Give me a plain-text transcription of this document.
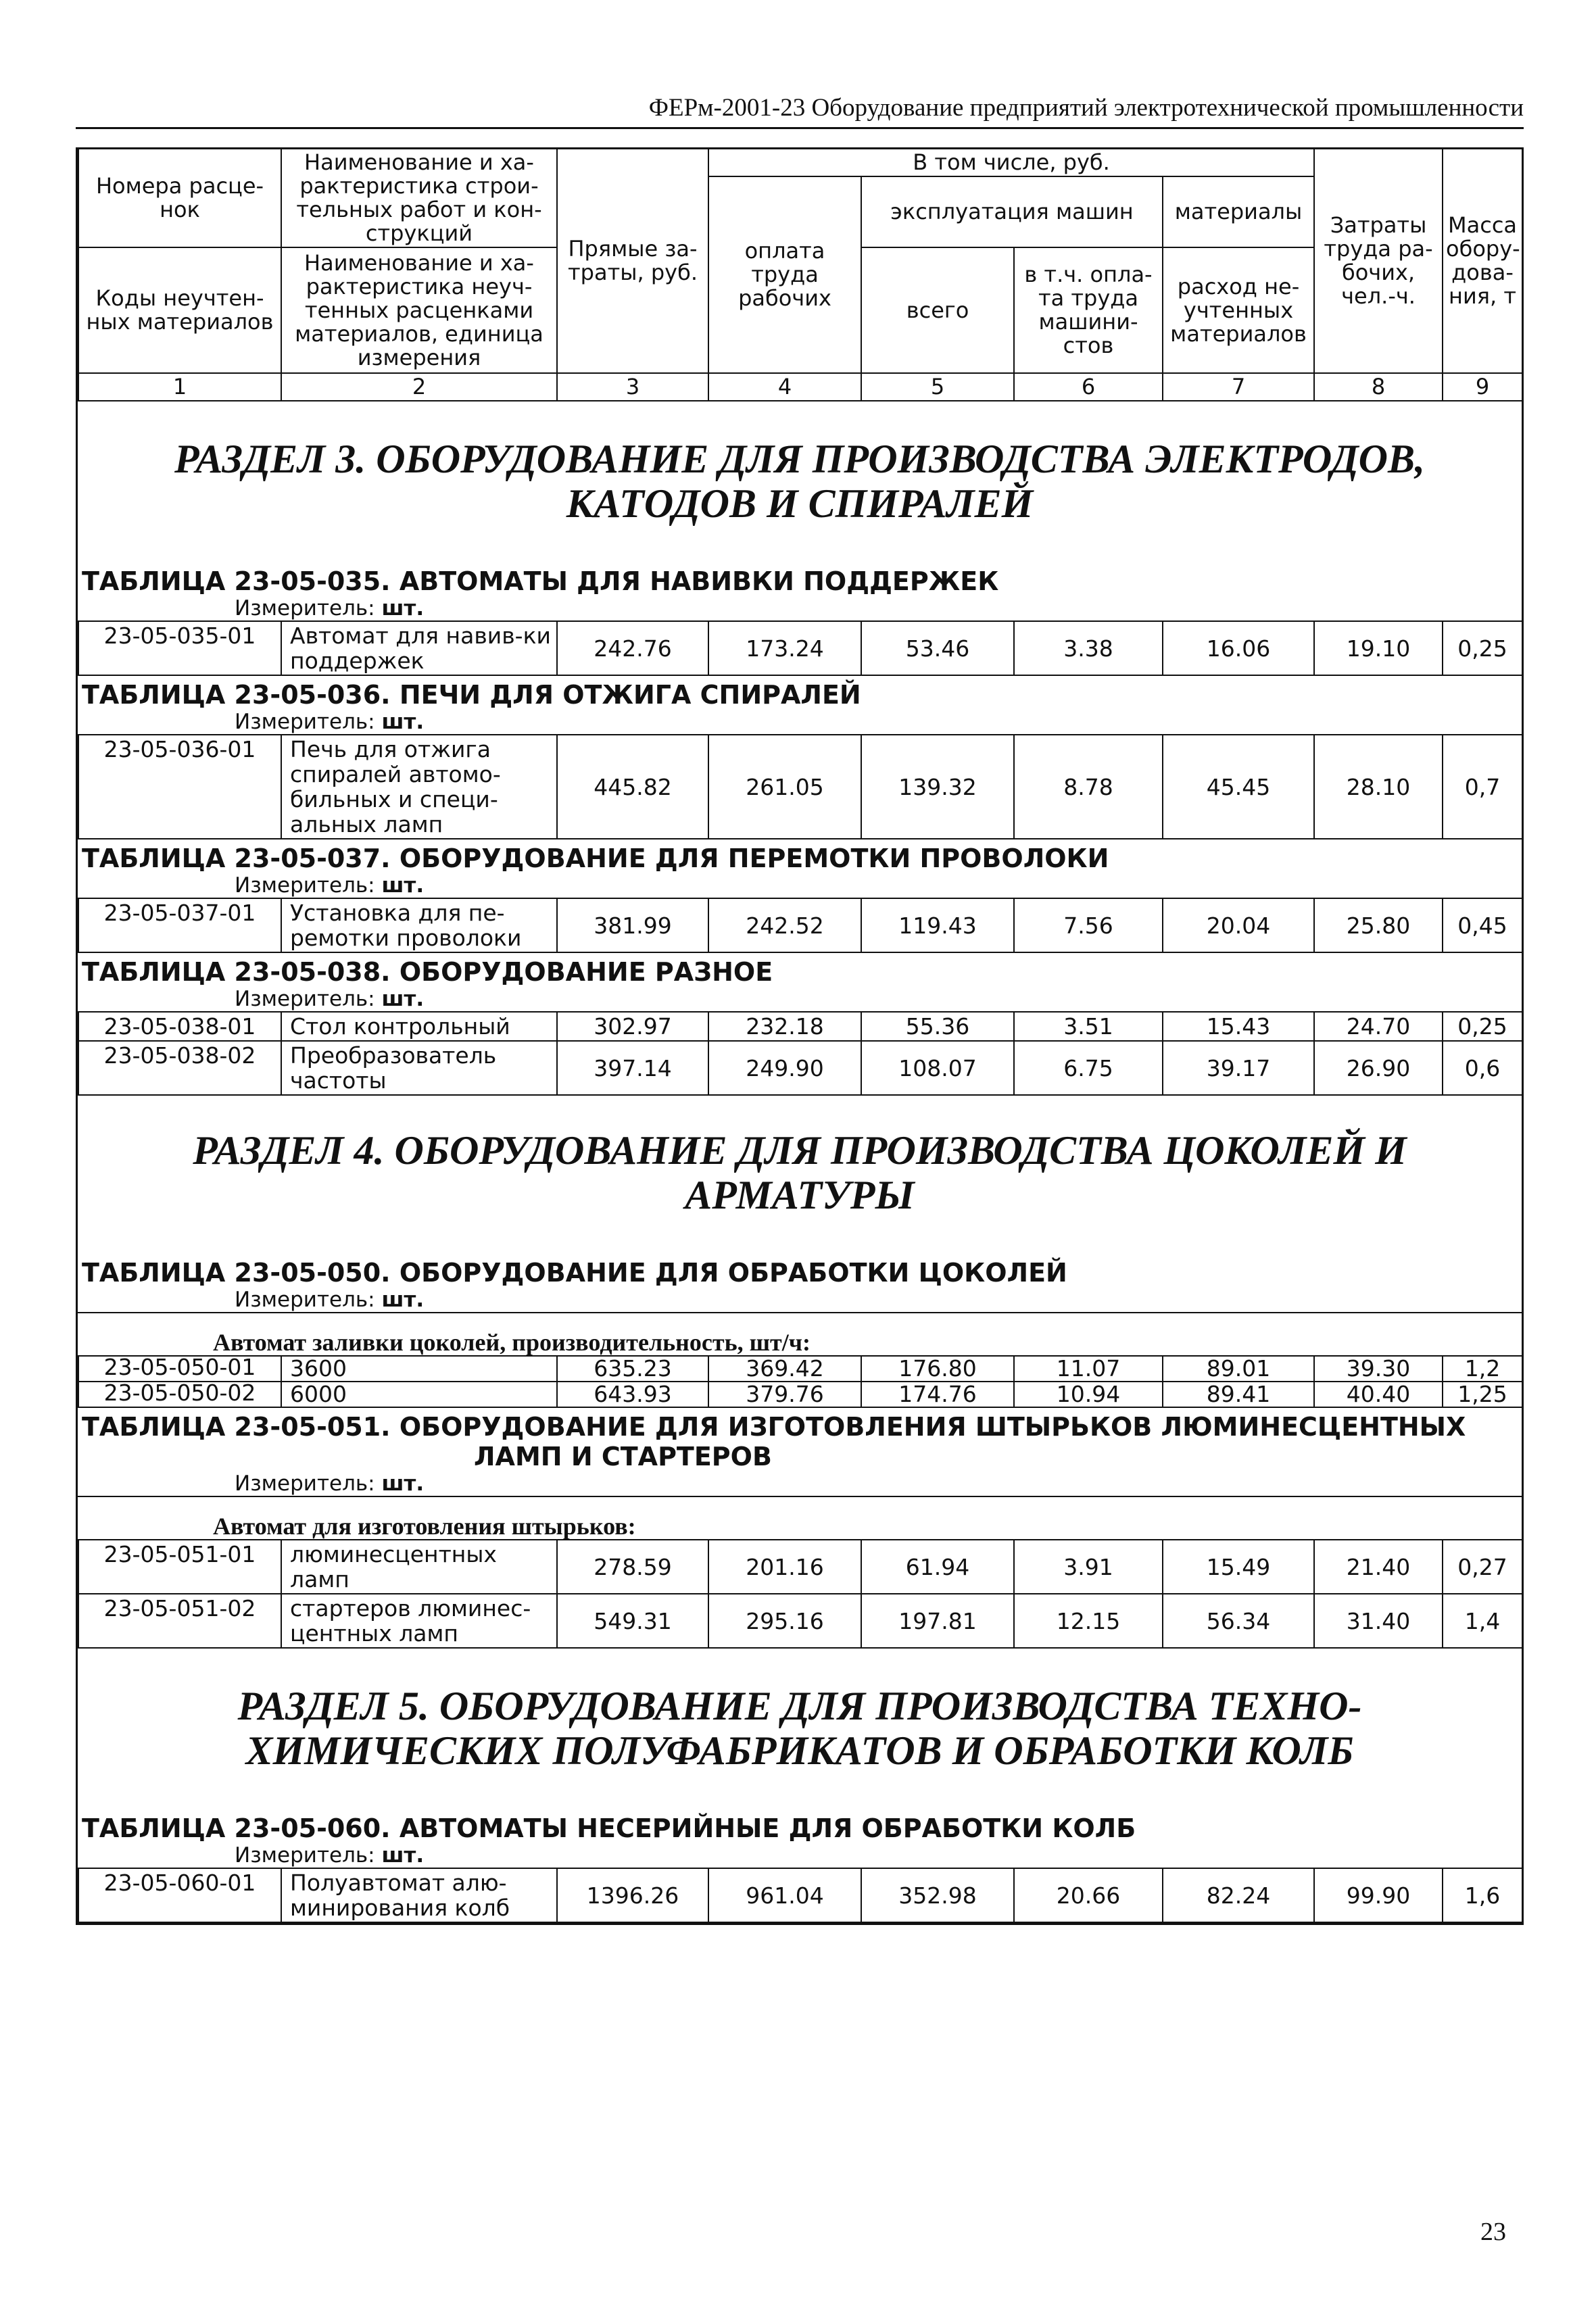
ФЕРм-2001-23 Оборудование предприятий электротехнической промышленности
Номера расце-нок	Наименование и ха-рактеристика строи-тельных работ и кон-струкций	Прямые за-траты, руб.	В том числе, руб.				Затраты труда ра-бочих, чел.-ч.	Масса обору-дова-ния, т
			оплата труда рабочих	эксплуатация машин		материалы		

Коды неучтен-ных материалов	Наименование и ха-рактеристика неуч-тенных расценками материалов, единица измерения			всего	в т.ч. опла-та труда машини-стов	расход не-учтенных материалов		

1	2	3	4	5	6	7	8	9
РАЗДЕЛ 3. ОБОРУДОВАНИЕ ДЛЯ ПРОИЗВОДСТВА ЭЛЕКТРОДОВ, КАТОДОВ И СПИРАЛЕЙ
ТАБЛИЦА 23-05-035. АВТОМАТЫ ДЛЯ НАВИВКИ ПОДДЕРЖЕК
Измеритель: шт.
23-05-035-01	Автомат для навив-ки поддержек	242.76	173.24	53.46	3.38	16.06	19.10	0,25
ТАБЛИЦА 23-05-036. ПЕЧИ ДЛЯ ОТЖИГА СПИРАЛЕЙ
Измеритель: шт.
23-05-036-01	Печь для отжига спиралей автомо-бильных и специ-альных ламп	445.82	261.05	139.32	8.78	45.45	28.10	0,7
ТАБЛИЦА 23-05-037. ОБОРУДОВАНИЕ ДЛЯ ПЕРЕМОТКИ ПРОВОЛОКИ
Измеритель: шт.
23-05-037-01	Установка для пе-ремотки проволоки	381.99	242.52	119.43	7.56	20.04	25.80	0,45
ТАБЛИЦА 23-05-038. ОБОРУДОВАНИЕ РАЗНОЕ
Измеритель: шт.
23-05-038-01	Стол контрольный	302.97	232.18	55.36	3.51	15.43	24.70	0,25
23-05-038-02	Преобразователь частоты	397.14	249.90	108.07	6.75	39.17	26.90	0,6
РАЗДЕЛ 4. ОБОРУДОВАНИЕ ДЛЯ ПРОИЗВОДСТВА ЦОКОЛЕЙ И АРМАТУРЫ
ТАБЛИЦА 23-05-050. ОБОРУДОВАНИЕ ДЛЯ ОБРАБОТКИ ЦОКОЛЕЙ
Измеритель: шт.
Автомат заливки цоколей, производительность, шт/ч:
23-05-050-01	3600	635.23	369.42	176.80	11.07	89.01	39.30	1,2
23-05-050-02	6000	643.93	379.76	174.76	10.94	89.41	40.40	1,25
ТАБЛИЦА 23-05-051. ОБОРУДОВАНИЕ ДЛЯ ИЗГОТОВЛЕНИЯ ШТЫРЬКОВ ЛЮМИНЕСЦЕНТНЫХ
ЛАМП И СТАРТЕРОВ
Измеритель: шт.
Автомат для изготовления штырьков:
23-05-051-01	люминесцентных ламп	278.59	201.16	61.94	3.91	15.49	21.40	0,27
23-05-051-02	стартеров люминес-центных ламп	549.31	295.16	197.81	12.15	56.34	31.40	1,4
РАЗДЕЛ 5. ОБОРУДОВАНИЕ ДЛЯ ПРОИЗВОДСТВА ТЕХНО-ХИМИЧЕСКИХ ПОЛУФАБРИКАТОВ И ОБРАБОТКИ КОЛБ
ТАБЛИЦА 23-05-060. АВТОМАТЫ НЕСЕРИЙНЫЕ ДЛЯ ОБРАБОТКИ КОЛБ
Измеритель: шт.
23-05-060-01	Полуавтомат алю-минирования колб	1396.26	961.04	352.98	20.66	82.24	99.90	1,6
23
